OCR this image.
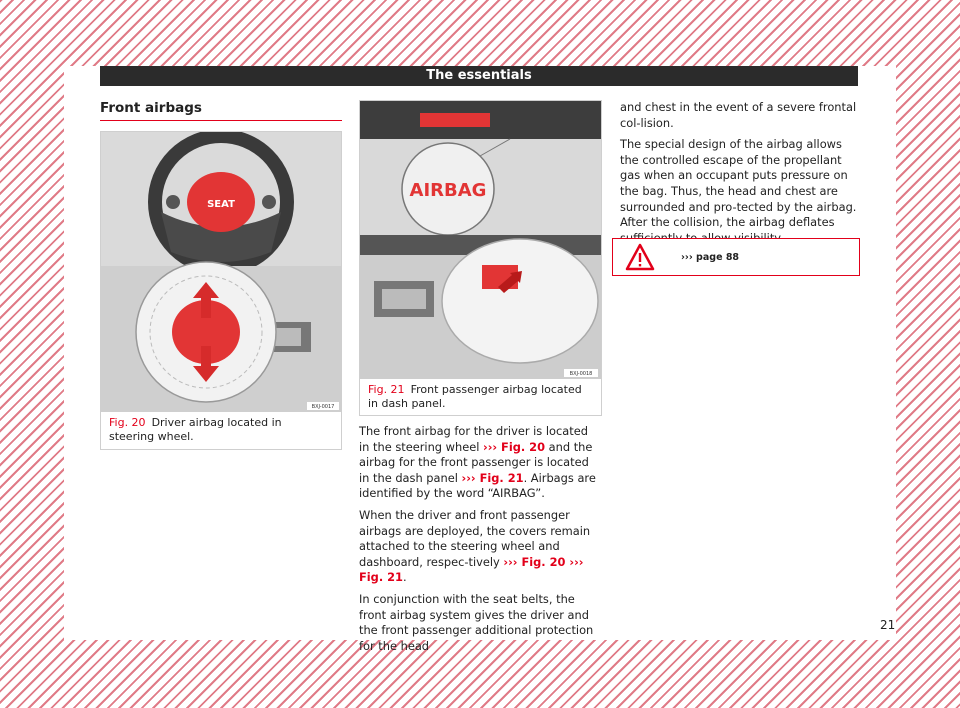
The essentials
Front airbags
SEAT
BXJ-0017
Fig. 20 Driver airbag located in steering wheel.
AIRBAG
BXJ-0018
Fig. 21 Front passenger airbag located in dash panel.

The front airbag for the driver is located in the steering wheel ››› Fig. 20 and the airbag for the front passenger is located in the dash panel ››› Fig. 21. Airbags are identified by the word “AIRBAG”.

When the driver and front passenger airbags are deployed, the covers remain attached to the steering wheel and dashboard, respec-tively ››› Fig. 20 ››› Fig. 21.

In conjunction with the seat belts, the front airbag system gives the driver and the front passenger additional protection for the head

and chest in the event of a severe frontal col-lision.

The special design of the airbag allows the controlled escape of the propellant gas when an occupant puts pressure on the bag. Thus, the head and chest are surrounded and pro-tected by the airbag. After the collision, the airbag deflates

››› page 88
21
